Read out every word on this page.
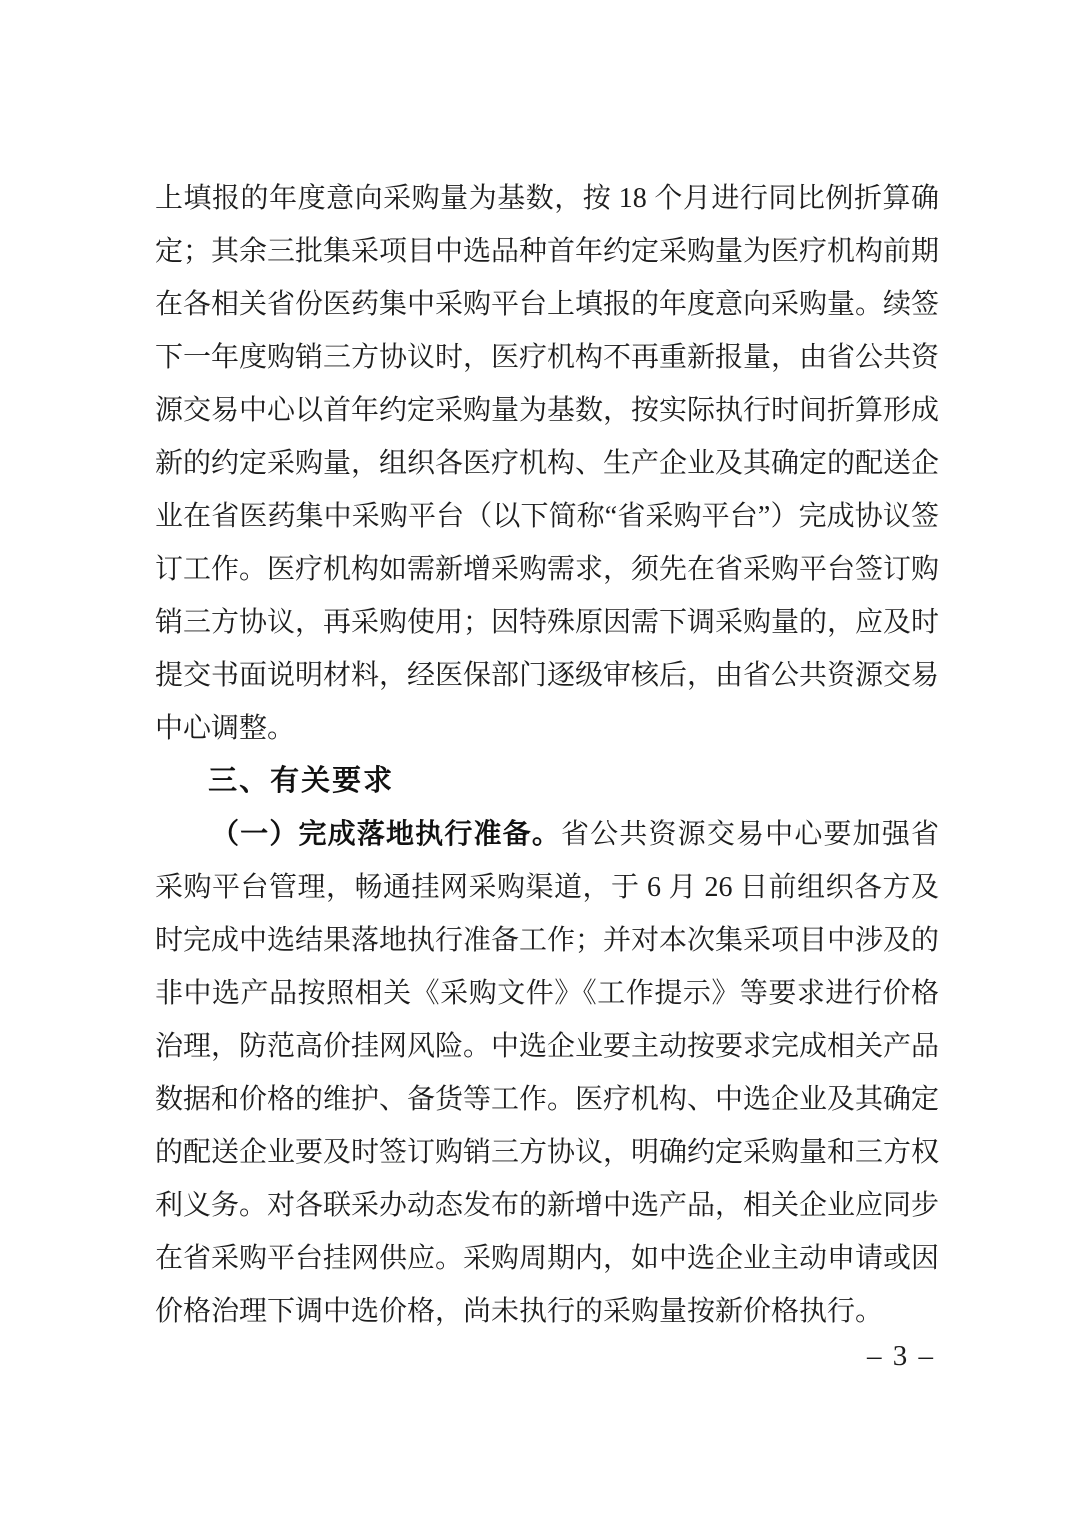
上填报的年度意向采购量为基数，按 18 个月进行同比例折算确定；其余三批集采项目中选品种首年约定采购量为医疗机构前期在各相关省份医药集中采购平台上填报的年度意向采购量。续签下一年度购销三方协议时，医疗机构不再重新报量，由省公共资源交易中心以首年约定采购量为基数，按实际执行时间折算形成新的约定采购量，组织各医疗机构、生产企业及其确定的配送企业在省医药集中采购平台（以下简称“省采购平台”）完成协议签订工作。医疗机构如需新增采购需求，须先在省采购平台签订购销三方协议，再采购使用；因特殊原因需下调采购量的，应及时提交书面说明材料，经医保部门逐级审核后，由省公共资源交易中心调整。

三、有关要求

（一）完成落地执行准备。省公共资源交易中心要加强省采购平台管理，畅通挂网采购渠道，于 6 月 26 日前组织各方及时完成中选结果落地执行准备工作；并对本次集采项目中涉及的非中选产品按照相关《采购文件》《工作提示》等要求进行价格治理，防范高价挂网风险。中选企业要主动按要求完成相关产品数据和价格的维护、备货等工作。医疗机构、中选企业及其确定的配送企业要及时签订购销三方协议，明确约定采购量和三方权利义务。对各联采办动态发布的新增中选产品，相关企业应同步在省采购平台挂网供应。采购周期内，如中选企业主动申请或因价格治理下调中选价格，尚未执行的采购量按新价格执行。

– 3 –
